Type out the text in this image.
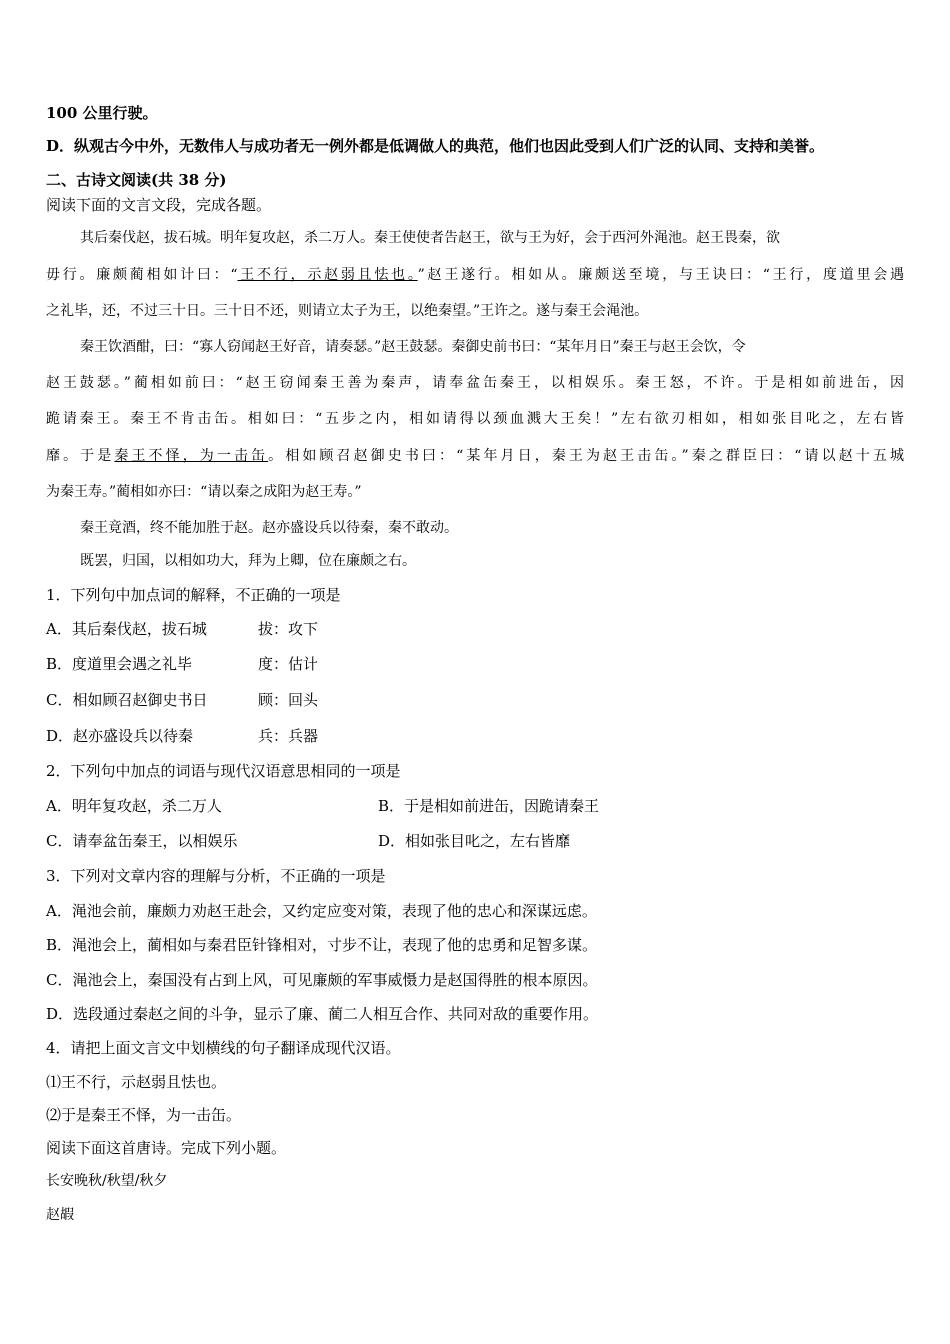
100 公里行驶。
D．纵观古今中外，无数伟人与成功者无一例外都是低调做人的典范，他们也因此受到人们广泛的认同、支持和美誉。
二、古诗文阅读(共 38 分)
阅读下面的文言文段，完成各题。
其后秦伐赵，拔石城。明年复攻赵，杀二万人。秦王使使者告赵王，欲与王为好，会于西河外渑池。赵王畏秦，欲
毋行。廉颇蔺相如计曰：“王不行，示赵弱且怯也。”赵王遂行。相如从。廉颇送至境，与王诀曰：“王行，度道里会遇
之礼毕，还，不过三十日。三十日不还，则请立太子为王，以绝秦望。”王许之。遂与秦王会渑池。
秦王饮酒酣，曰：“寡人窃闻赵王好音，请奏瑟。”赵王鼓瑟。秦御史前书曰：“某年月日”秦王与赵王会饮，令
赵王鼓瑟。”蔺相如前曰：“赵王窃闻秦王善为秦声，请奉盆缶秦王，以相娱乐。秦王怒，不许。于是相如前进缶，因
跪请秦王。秦王不肯击缶。相如曰：“五步之内，相如请得以颈血溅大王矣！”左右欲刃相如，相如张目叱之，左右皆
靡。于是秦王不怿，为一击缶。相如顾召赵御史书曰：“某年月日，秦王为赵王击缶。”秦之群臣曰：“请以赵十五城
为秦王寿。”蔺相如亦曰：“请以秦之成阳为赵王寿。”
秦王竟酒，终不能加胜于赵。赵亦盛设兵以待秦，秦不敢动。
既罢，归国，以相如功大，拜为上卿，位在廉颇之右。
1．下列句中加点词的解释，不正确的一项是
A．其后秦伐赵，拔石城	拔：攻下
B．度道里会遇之礼毕	度：估计
C．相如顾召赵御史书日	顾：回头
D．赵亦盛设兵以待秦	兵：兵器
2．下列句中加点的词语与现代汉语意思相同的一项是
A．明年复攻赵，杀二万人	B．于是相如前进缶，因跪请秦王
C．请奉盆缶秦王，以相娱乐	D．相如张目叱之，左右皆靡
3．下列对文章内容的理解与分析，不正确的一项是
A．渑池会前，廉颇力劝赵王赴会，又约定应变对策，表现了他的忠心和深谋远虑。
B．渑池会上，蔺相如与秦君臣针锋相对，寸步不让，表现了他的忠勇和足智多谋。
C．渑池会上，秦国没有占到上风，可见廉颇的军事威慑力是赵国得胜的根本原因。
D．选段通过秦赵之间的斗争，显示了廉、蔺二人相互合作、共同对敌的重要作用。
4．请把上面文言文中划横线的句子翻译成现代汉语。
⑴王不行，示赵弱且怯也。
⑵于是秦王不怿，为一击缶。
阅读下面这首唐诗。完成下列小题。
长安晚秋/秋望/秋夕
赵嘏
